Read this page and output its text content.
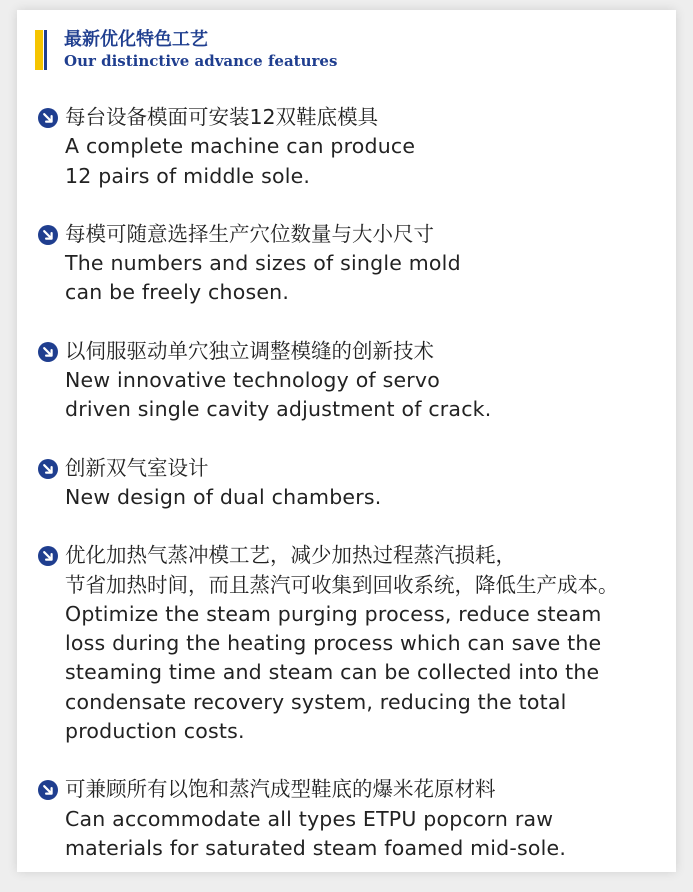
最新优化特色工艺
Our distinctive advance features
每台设备模面可安装12双鞋底模具
A complete machine can produce
12 pairs of middle sole.
每模可随意选择生产穴位数量与大小尺寸
The numbers and sizes of single mold
can be freely chosen.
以伺服驱动单穴独立调整模缝的创新技术
New innovative technology of servo
driven single cavity adjustment of crack.
创新双气室设计
New design of dual chambers.
优化加热气蒸冲模工艺，减少加热过程蒸汽损耗，
节省加热时间，而且蒸汽可收集到回收系统，降低生产成本。
Optimize the steam purging process, reduce steam
loss during the heating process which can save the
steaming time and steam can be collected into the
condensate recovery system, reducing the total
production costs.
可兼顾所有以饱和蒸汽成型鞋底的爆米花原材料
Can accommodate all types ETPU popcorn raw
materials for saturated steam foamed mid-sole.
